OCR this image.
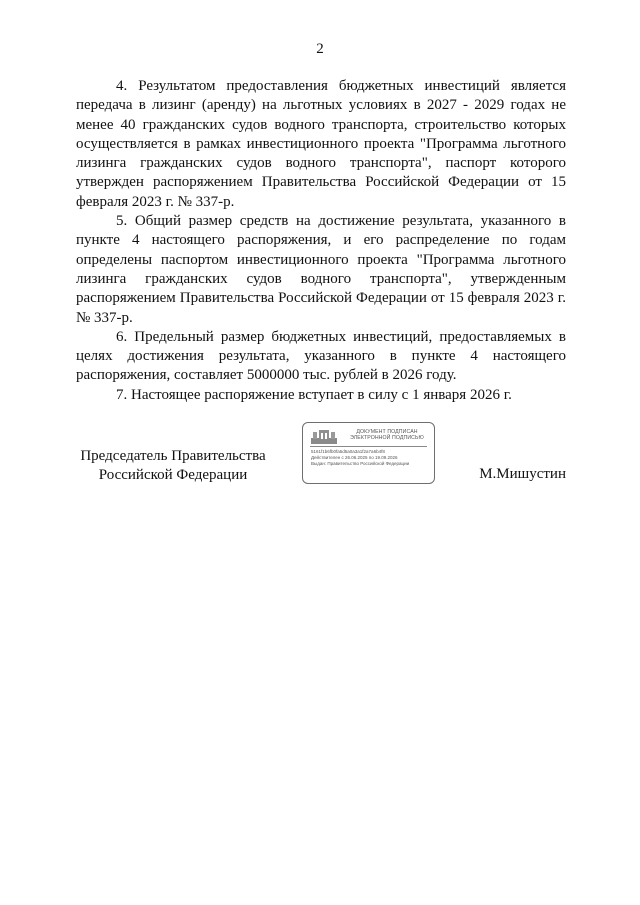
2

4. Результатом предоставления бюджетных инвестиций является передача в лизинг (аренду) на льготных условиях в 2027 - 2029 годах не менее 40 гражданских судов водного транспорта, строительство которых осуществляется в рамках инвестиционного проекта "Программа льготного лизинга гражданских судов водного транспорта", паспорт которого утвержден распоряжением Правительства Российской Федерации от 15 февраля 2023 г. № 337-р.

5. Общий размер средств на достижение результата, указанного в пункте 4 настоящего распоряжения, и его распределение по годам определены паспортом инвестиционного проекта "Программа льготного лизинга гражданских судов водного транспорта", утвержденным распоряжением Правительства Российской Федерации от 15 февраля 2023 г. № 337-р.

6. Предельный размер бюджетных инвестиций, предоставляемых в целях достижения результата, указанного в пункте 4 настоящего распоряжения, составляет 5000000 тыс. рублей в 2026 году.

7. Настоящее распоряжение вступает в силу с 1 января 2026 г.

Председатель Правительства Российской Федерации
ДОКУМЕНТ ПОДПИСАН
ЭЛЕКТРОННОЙ ПОДПИСЬЮ
5161f1b6fb0fa5d5a0a3a1f2a7a6b4f8
Действителен с 26.06.2025 по 19.09.2026
Выдан: Правительство Российской Федерации
М.Мишустин
